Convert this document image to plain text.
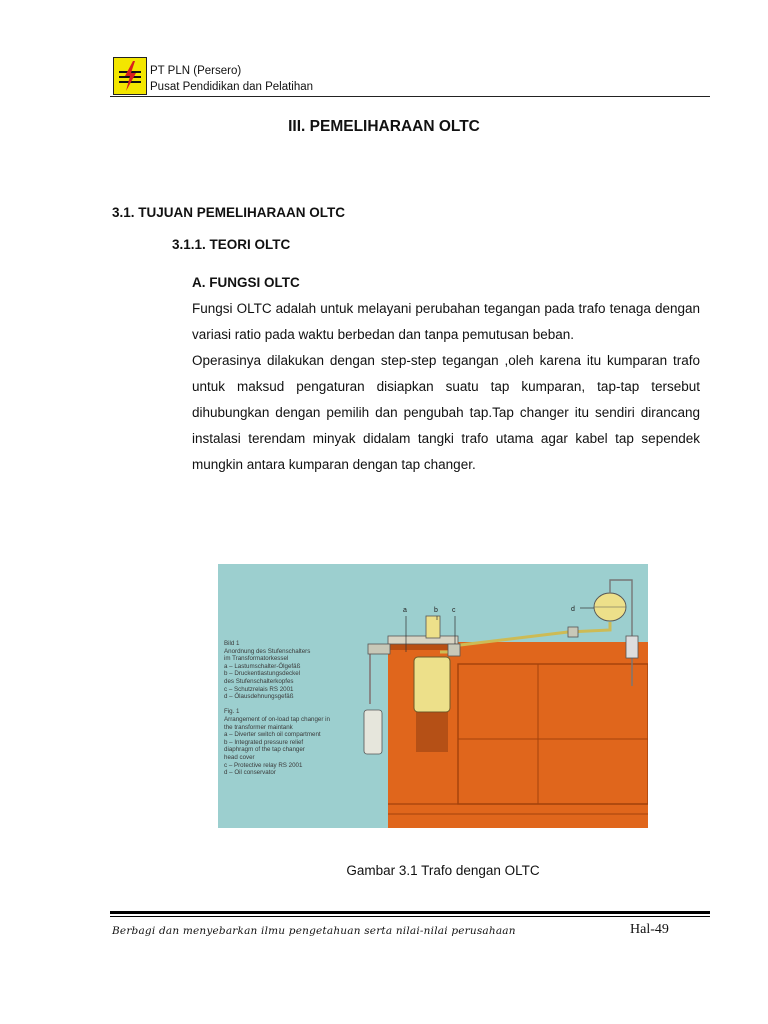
PT PLN (Persero)
Pusat Pendidikan dan Pelatihan
III. PEMELIHARAAN OLTC
3.1. TUJUAN PEMELIHARAAN OLTC
3.1.1. TEORI OLTC
A. FUNGSI OLTC

Fungsi OLTC adalah untuk melayani perubahan tegangan pada trafo tenaga dengan variasi ratio pada waktu berbedan dan tanpa pemutusan beban.

Operasinya dilakukan dengan step-step tegangan ,oleh karena itu kumparan trafo untuk maksud pengaturan disiapkan suatu tap kumparan, tap-tap tersebut dihubungkan dengan pemilih dan pengubah tap.Tap changer itu sendiri dirancang instalasi terendam minyak didalam tangki trafo utama agar kabel tap sependek mungkin antara kumparan dengan tap changer.

a	b c	d
Bild 1
Anordnung des Stufenschalters
im Transformatorkessel
a – Lastumschalter-Ölgefäß
b – Druckentlastungsdeckel
des Stufenschalterkopfes
c – Schutzrelais RS 2001
d – Ölausdehnungsgefäß

Fig. 1
Arrangement of on-load tap changer in
the transformer maintank
a – Diverter switch oil compartment
b – Integrated pressure relief
diaphragm of the tap changer
head cover
c – Protective relay RS 2001
d – Oil conservator
Gambar 3.1 Trafo dengan OLTC
Berbagi dan menyebarkan ilmu pengetahuan serta nilai-nilai perusahaan	Hal-49
